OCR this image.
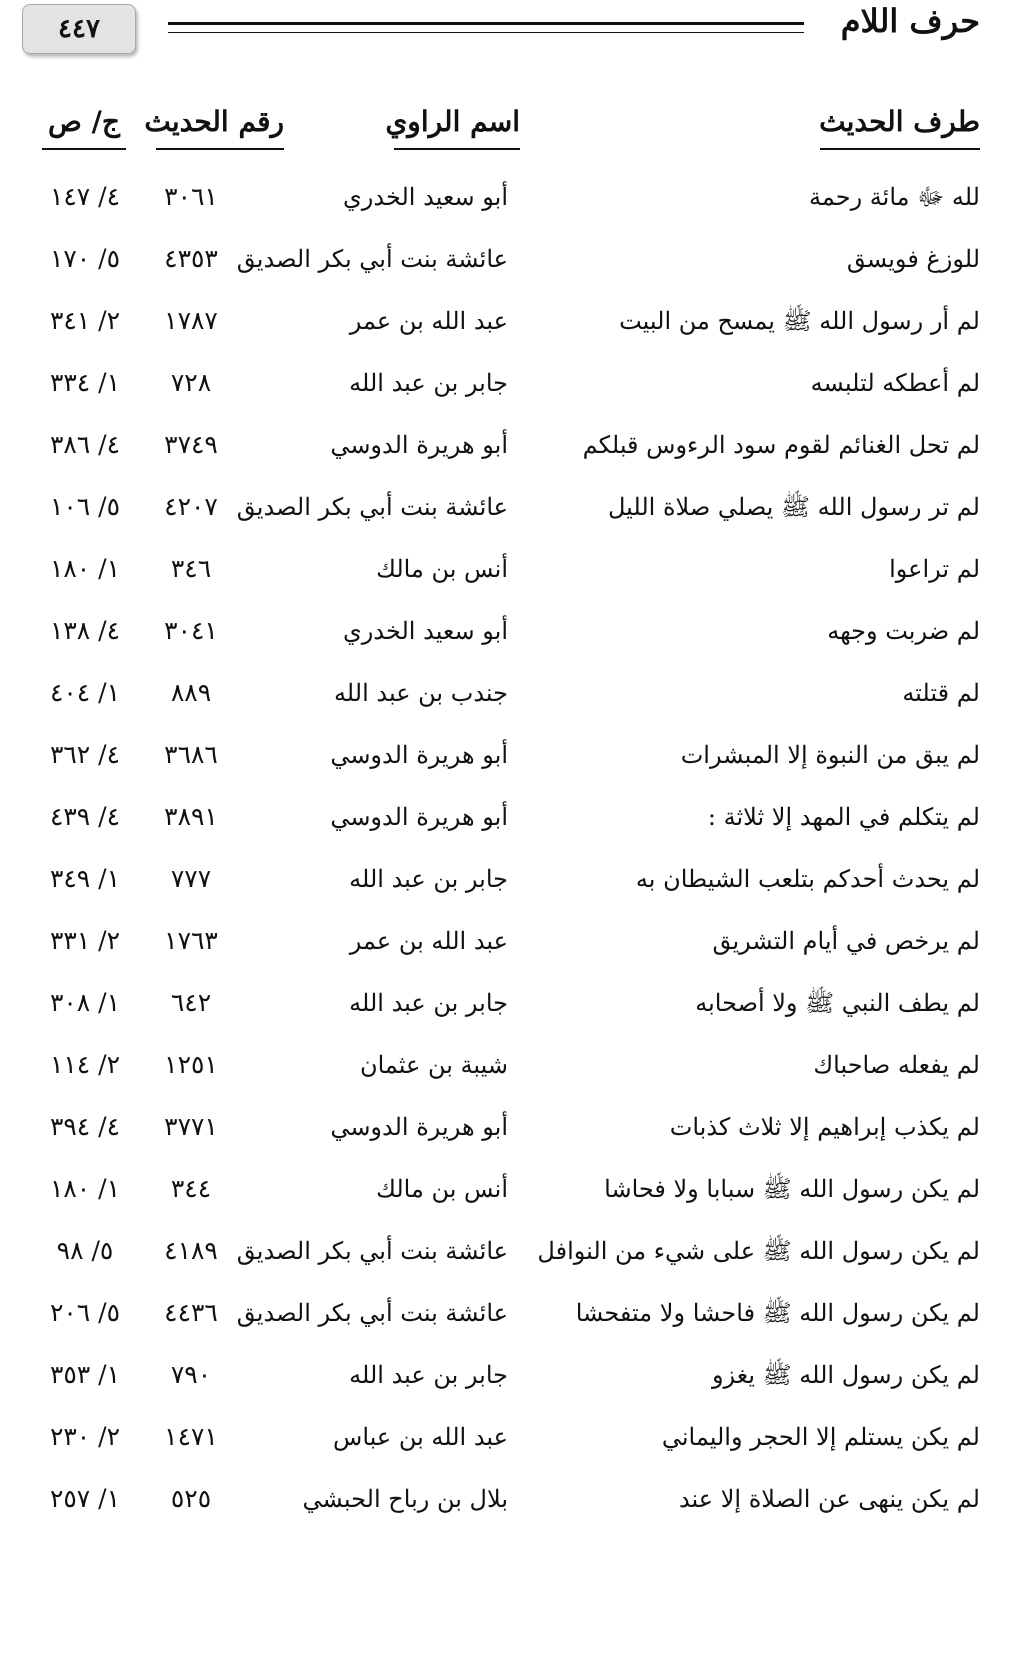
٤٤٧	حرف اللام
طرف الحديث
اسم الراوي
رقم الحديث
ج/ ص
لله ﷻ مائة رحمة
أبو سعيد الخدري
٣٠٦١
٤/ ١٤٧
للوزغ فويسق
عائشة بنت أبي بكر الصديق
٤٣٥٣
٥/ ١٧٠
لم أر رسول الله ﷺ يمسح من البيت
عبد الله بن عمر
١٧٨٧
٢/ ٣٤١
لم أعطكه لتلبسه
جابر بن عبد الله
٧٢٨
١/ ٣٣٤
لم تحل الغنائم لقوم سود الرءوس قبلكم
أبو هريرة الدوسي
٣٧٤٩
٤/ ٣٨٦
لم تر رسول الله ﷺ يصلي صلاة الليل
عائشة بنت أبي بكر الصديق
٤٢٠٧
٥/ ١٠٦
لم تراعوا
أنس بن مالك
٣٤٦
١/ ١٨٠
لم ضربت وجهه
أبو سعيد الخدري
٣٠٤١
٤/ ١٣٨
لم قتلته
جندب بن عبد الله
٨٨٩
١/ ٤٠٤
لم يبق من النبوة إلا المبشرات
أبو هريرة الدوسي
٣٦٨٦
٤/ ٣٦٢
لم يتكلم في المهد إلا ثلاثة :
أبو هريرة الدوسي
٣٨٩١
٤/ ٤٣٩
لم يحدث أحدكم بتلعب الشيطان به
جابر بن عبد الله
٧٧٧
١/ ٣٤٩
لم يرخص في أيام التشريق
عبد الله بن عمر
١٧٦٣
٢/ ٣٣١
لم يطف النبي ﷺ ولا أصحابه
جابر بن عبد الله
٦٤٢
١/ ٣٠٨
لم يفعله صاحباك
شيبة بن عثمان
١٢٥١
٢/ ١١٤
لم يكذب إبراهيم إلا ثلاث كذبات
أبو هريرة الدوسي
٣٧٧١
٤/ ٣٩٤
لم يكن رسول الله ﷺ سبابا ولا فحاشا
أنس بن مالك
٣٤٤
١/ ١٨٠
لم يكن رسول الله ﷺ على شيء من النوافل
عائشة بنت أبي بكر الصديق
٤١٨٩
٥/ ٩٨
لم يكن رسول الله ﷺ فاحشا ولا متفحشا
عائشة بنت أبي بكر الصديق
٤٤٣٦
٥/ ٢٠٦
لم يكن رسول الله ﷺ يغزو
جابر بن عبد الله
٧٩٠
١/ ٣٥٣
لم يكن يستلم إلا الحجر واليماني
عبد الله بن عباس
١٤٧١
٢/ ٢٣٠
لم يكن ينهى عن الصلاة إلا عند
بلال بن رباح الحبشي
٥٢٥
١/ ٢٥٧
